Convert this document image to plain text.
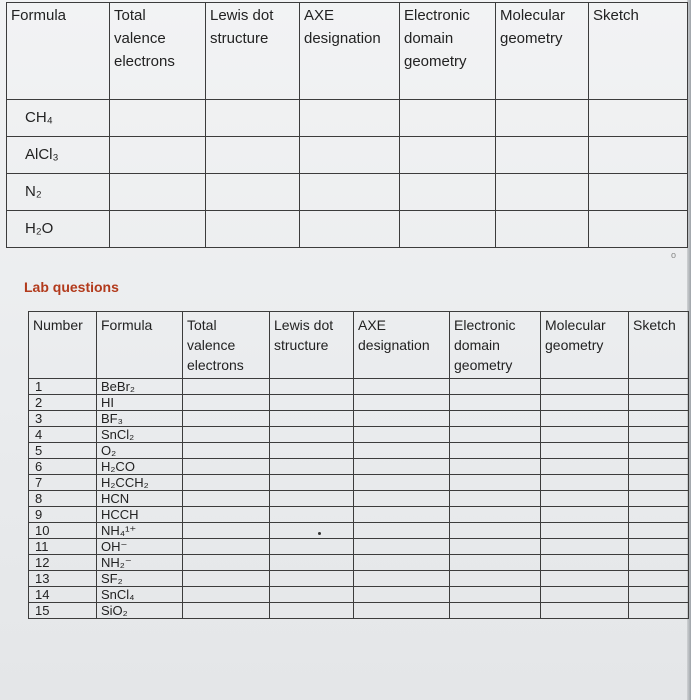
Formula	Total valence electrons	Lewis dot structure	AXE designation	Electronic domain geometry	Molecular geometry	Sketch
CH₄						
AlCl₃						
N₂						
H₂O						
o
Lab questions
Number	Formula	Total valence electrons	Lewis dot structure	AXE designation	Electronic domain geometry	Molecular geometry	Sketch
1	BeBr₂						
2	HI						
3	BF₃						
4	SnCl₂						
5	O₂						
6	H₂CO						
7	H₂CCH₂						
8	HCN						
9	HCCH						
10	NH₄¹⁺						
11	OH⁻						
12	NH₂⁻						
13	SF₂						
14	SnCl₄						
15	SiO₂						
